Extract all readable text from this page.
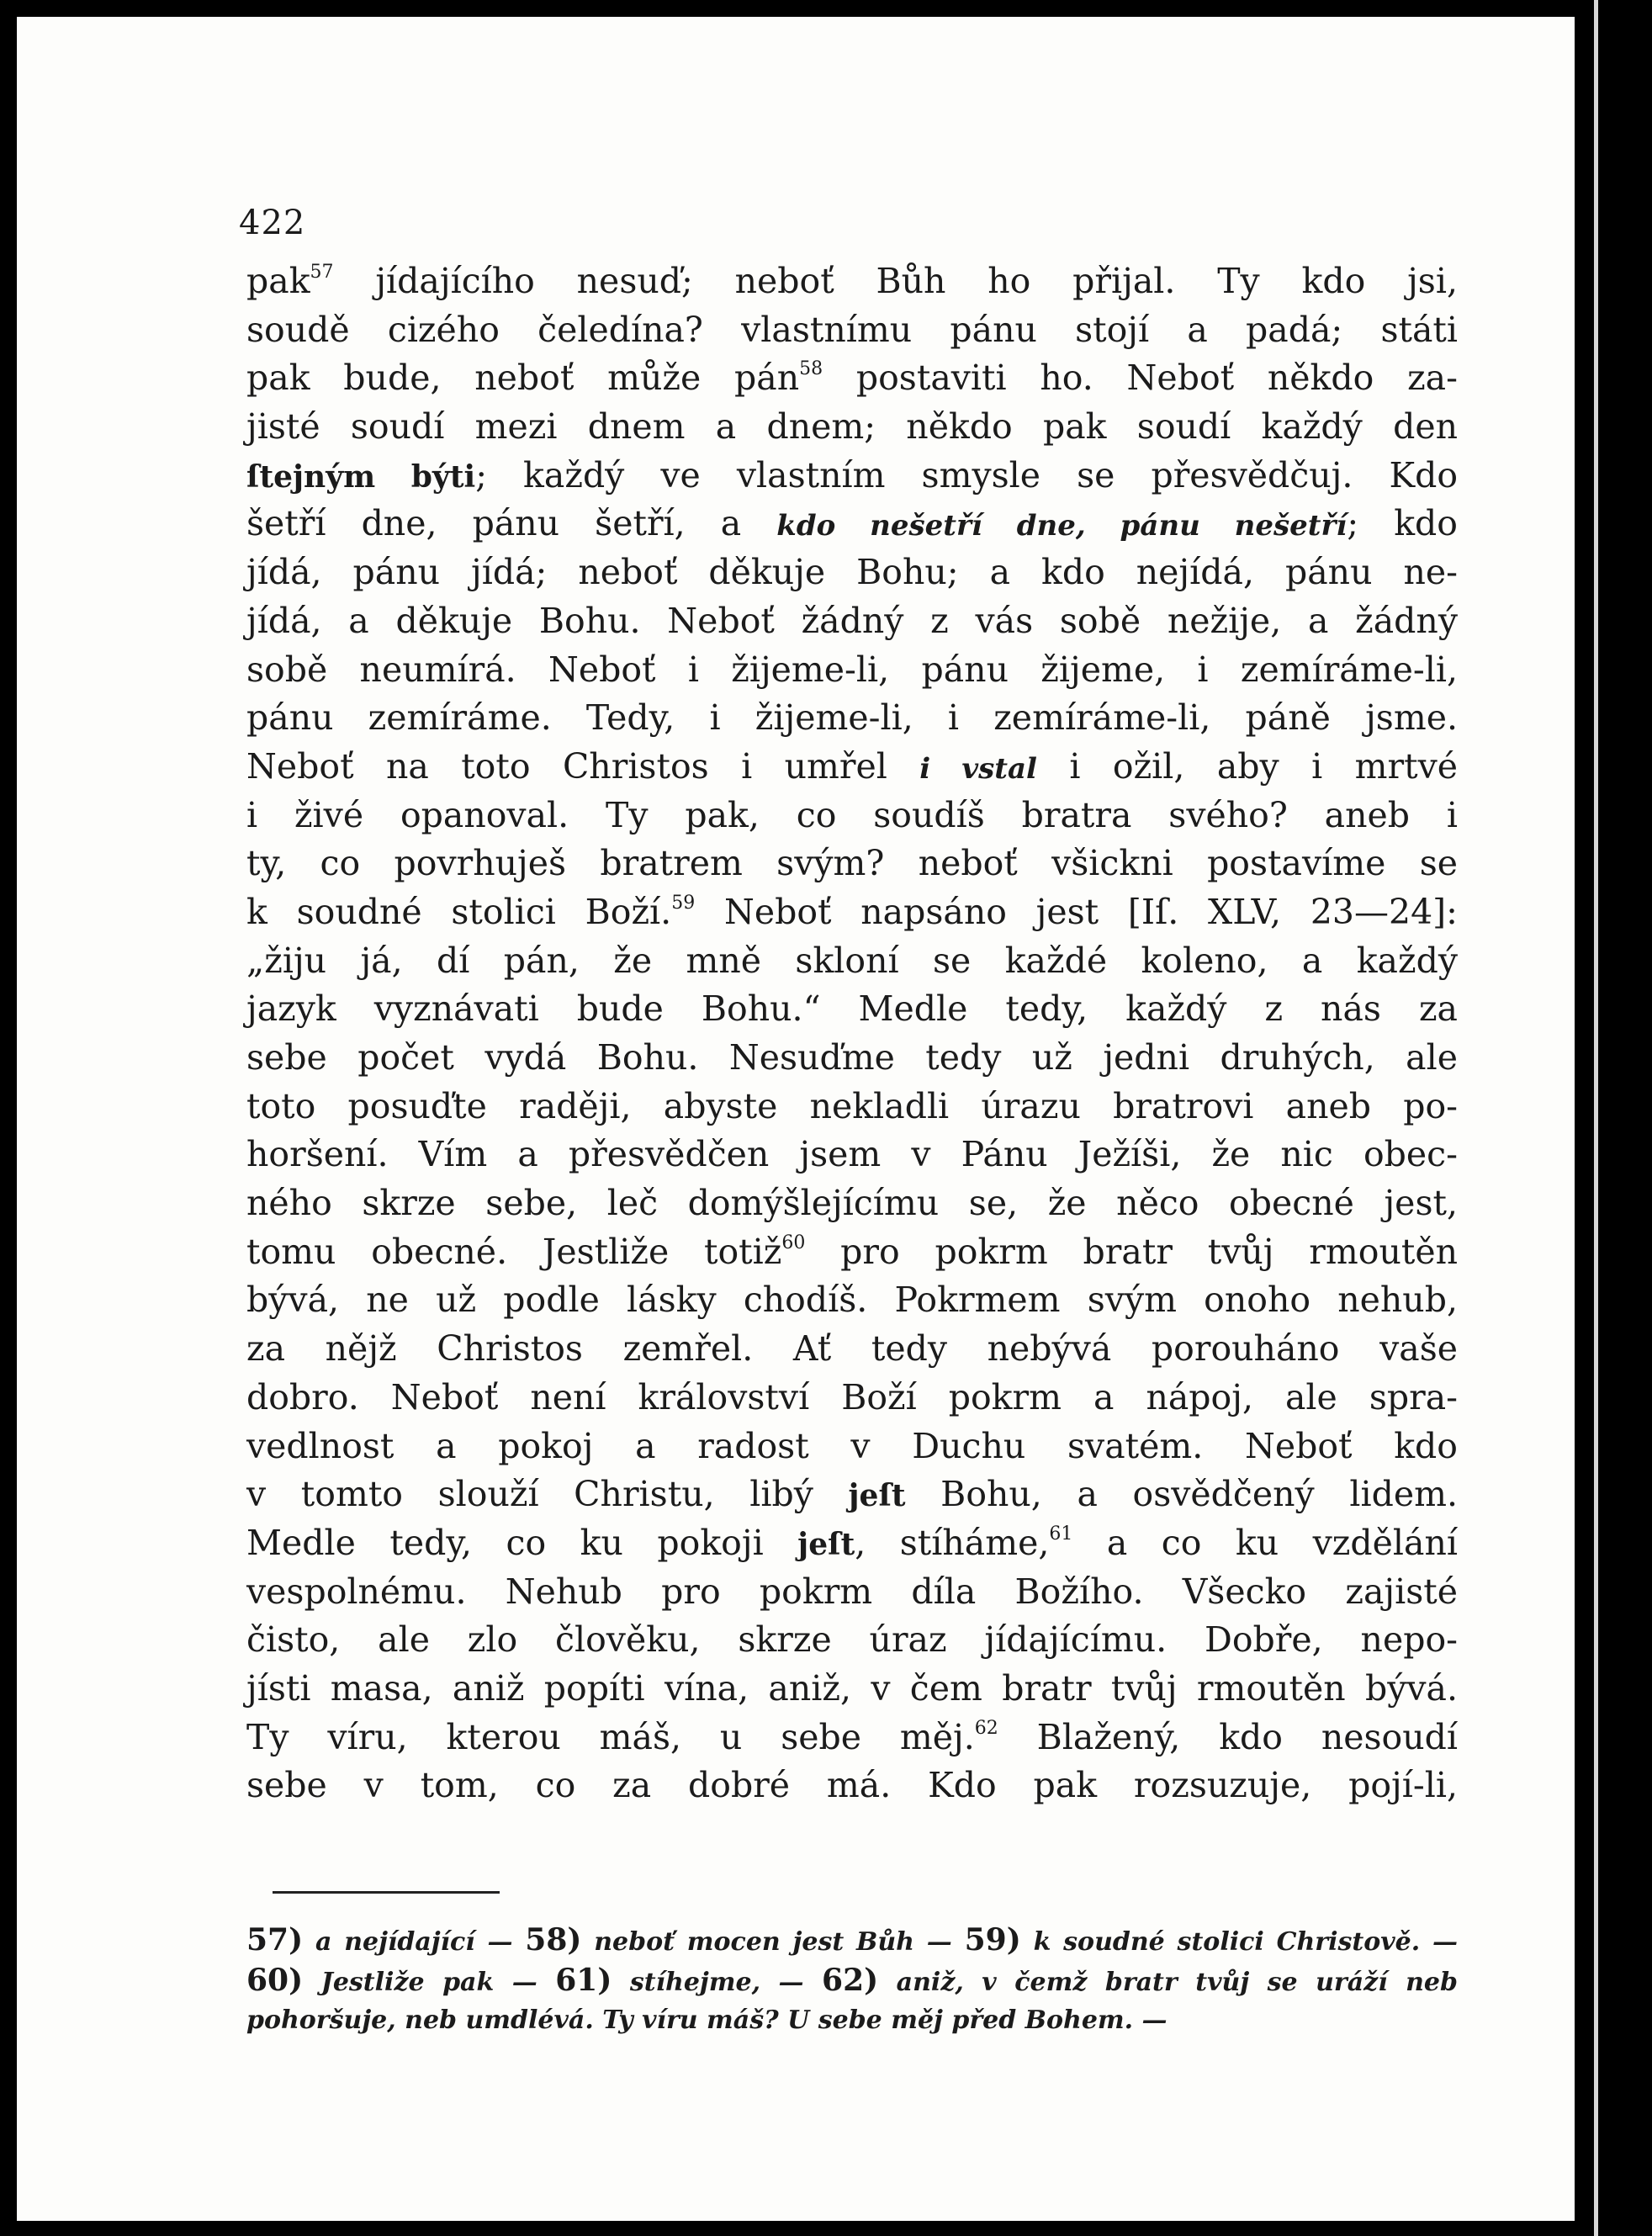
422
pak$^{57}$ jídajícího nesuď; neboť Bůh ho přijal. Ty kdo jsi,
soudě cizého čeledína? vlastnímu pánu stojí a padá; státi
pak bude, neboť může pán$^{58}$ postaviti ho. Neboť někdo za-
jisté soudí mezi dnem a dnem; někdo pak soudí každý den
ſtejným býti; každý ve vlastním smysle se přesvědčuj. Kdo
šetří dne, pánu šetří, a kdo nešetří dne, pánu nešetří; kdo
jídá, pánu jídá; neboť děkuje Bohu; a kdo nejídá, pánu ne-
jídá, a děkuje Bohu. Neboť žádný z vás sobě nežije, a žádný
sobě neumírá. Neboť i žijeme-li, pánu žijeme, i zemíráme-li,
pánu zemíráme. Tedy, i žijeme-li, i zemíráme-li, páně jsme.
Neboť na toto Christos i umřel i vstal i ožil, aby i mrtvé
i živé opanoval. Ty pak, co soudíš bratra svého? aneb i
ty, co povrhuješ bratrem svým? neboť všickni postavíme se
k soudné stolici Boží.$^{59}$ Neboť napsáno jest [Iſ. XLV, 23—24]:
„žiju já, dí pán, že mně skloní se každé koleno, a každý
jazyk vyznávati bude Bohu.“ Medle tedy, každý z nás za
sebe počet vydá Bohu. Nesuďme tedy už jedni druhých, ale
toto posuďte raději, abyste nekladli úrazu bratrovi aneb po-
horšení. Vím a přesvědčen jsem v Pánu Ježíši, že nic obec-
ného skrze sebe, leč domýšlejícímu se, že něco obecné jest,
tomu obecné. Jestliže totiž$^{60}$ pro pokrm bratr tvůj rmoutěn
bývá, ne už podle lásky chodíš. Pokrmem svým onoho nehub,
za nějž Christos zemřel. Ať tedy nebývá porouháno vaše
dobro. Neboť není království Boží pokrm a nápoj, ale spra-
vedlnost a pokoj a radost v Duchu svatém. Neboť kdo
v tomto slouží Christu, libý jeſt Bohu, a osvědčený lidem.
Medle tedy, co ku pokoji jeſt, stíháme,$^{61}$ a co ku vzdělání
vespolnému. Nehub pro pokrm díla Božího. Všecko zajisté
čisto, ale zlo člověku, skrze úraz jídajícímu. Dobře, nepo-
jísti masa, aniž popíti vína, aniž, v čem bratr tvůj rmoutěn bývá.
Ty víru, kterou máš, u sebe měj.$^{62}$ Blažený, kdo nesoudí
sebe v tom, co za dobré má. Kdo pak rozsuzuje, pojí-li,
57) a nejídající — 58) neboť mocen jest Bůh — 59) k soudné stolici Christově. —
60) Jestliže pak — 61) stíhejme, — 62) aniž, v čemž bratr tvůj se uráží neb
pohoršuje, neb umdlévá. Ty víru máš? U sebe měj před Bohem. —
